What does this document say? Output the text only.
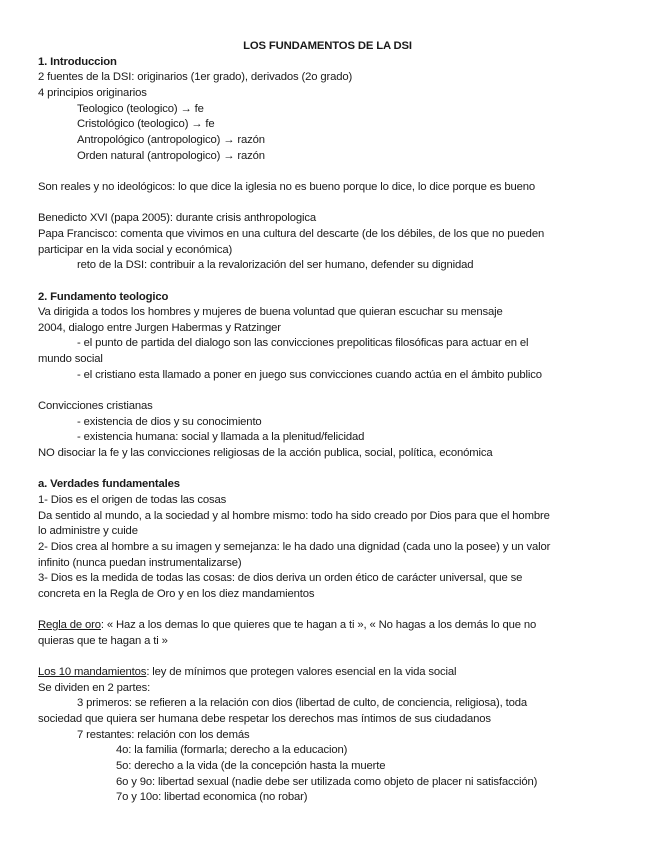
LOS FUNDAMENTOS DE LA DSI
1. Introduccion
2 fuentes de la DSI: originarios (1er grado), derivados (2o grado)
4 principios originarios
Teologico (teologico) → fe
Cristológico (teologico) → fe
Antropológico (antropologico) → razón
Orden natural (antropologico) → razón
Son reales y no ideológicos: lo que dice la iglesia no es bueno porque lo dice, lo dice porque es bueno
Benedicto XVI (papa 2005): durante crisis anthropologica
Papa Francisco: comenta que vivimos en una cultura del descarte (de los débiles, de los que no pueden
participar en la vida social y económica)
reto de la DSI: contribuir a la revalorización del ser humano, defender su dignidad
2. Fundamento teologico
Va dirigida a todos los hombres y mujeres de buena voluntad que quieran escuchar su mensaje
2004, dialogo entre Jurgen Habermas y Ratzinger
- el punto de partida del dialogo son las convicciones prepoliticas filosóficas para actuar en el
mundo social
- el cristiano esta llamado a poner en juego sus convicciones cuando actúa en el ámbito publico
Convicciones cristianas
- existencia de dios y su conocimiento
- existencia humana: social y llamada a la plenitud/felicidad
NO disociar la fe y las convicciones religiosas de la acción publica, social, política, económica
a. Verdades fundamentales
1- Dios es el origen de todas las cosas
Da sentido al mundo, a la sociedad y al hombre mismo: todo ha sido creado por Dios para que el hombre
lo administre y cuide
2- Dios crea al hombre a su imagen y semejanza: le ha dado una dignidad (cada uno la posee) y un valor
infinito (nunca puedan instrumentalizarse)
3- Dios es la medida de todas las cosas: de dios deriva un orden ético de carácter universal, que se
concreta en la Regla de Oro y en los diez mandamientos
Regla de oro: « Haz a los demas lo que quieres que te hagan a ti », « No hagas a los demás lo que no
quieras que te hagan a ti »
Los 10 mandamientos: ley de mínimos que protegen valores esencial en la vida social
Se dividen en 2 partes:
3 primeros: se refieren a la relación con dios (libertad de culto, de conciencia, religiosa), toda
sociedad que quiera ser humana debe respetar los derechos mas íntimos de sus ciudadanos
7 restantes: relación con los demás
4o: la familia (formarla; derecho a la educacion)
5o: derecho a la vida (de la concepción hasta la muerte
6o y 9o: libertad sexual (nadie debe ser utilizada como objeto de placer ni satisfacción)
7o y 10o: libertad economica (no robar)
